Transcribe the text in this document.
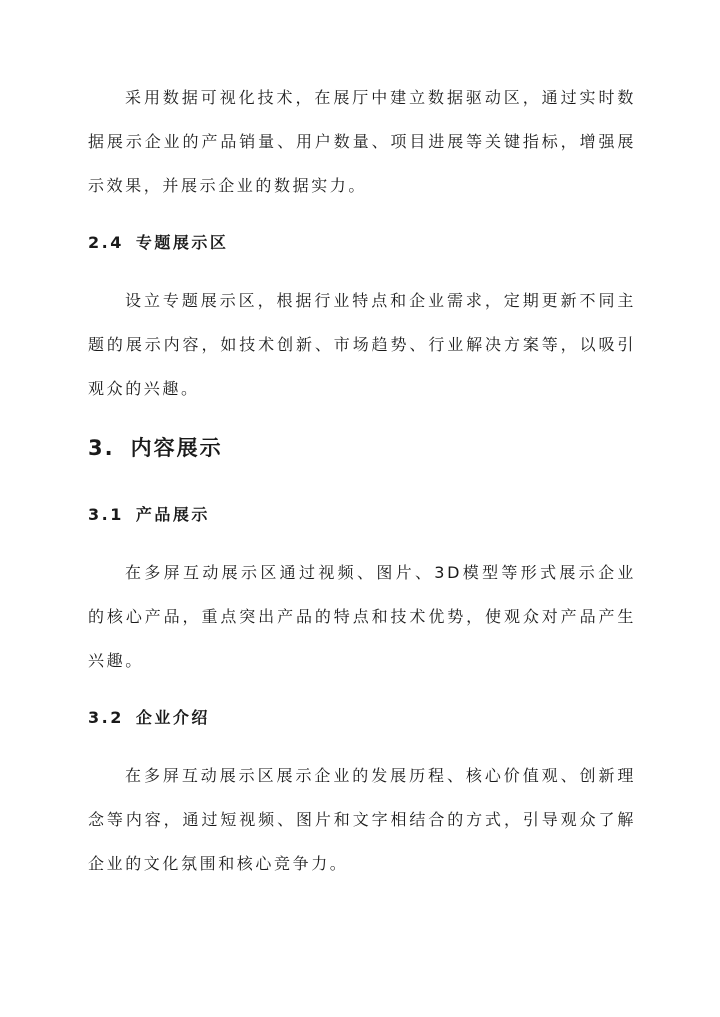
采用数据可视化技术，在展厅中建立数据驱动区，通过实时数据展示企业的产品销量、用户数量、项目进展等关键指标，增强展示效果，并展示企业的数据实力。

2.4 专题展示区

设立专题展示区，根据行业特点和企业需求，定期更新不同主题的展示内容，如技术创新、市场趋势、行业解决方案等，以吸引观众的兴趣。

3. 内容展示
3.1 产品展示

在多屏互动展示区通过视频、图片、3D模型等形式展示企业的核心产品，重点突出产品的特点和技术优势，使观众对产品产生兴趣。

3.2 企业介绍

在多屏互动展示区展示企业的发展历程、核心价值观、创新理念等内容，通过短视频、图片和文字相结合的方式，引导观众了解企业的文化氛围和核心竞争力。
